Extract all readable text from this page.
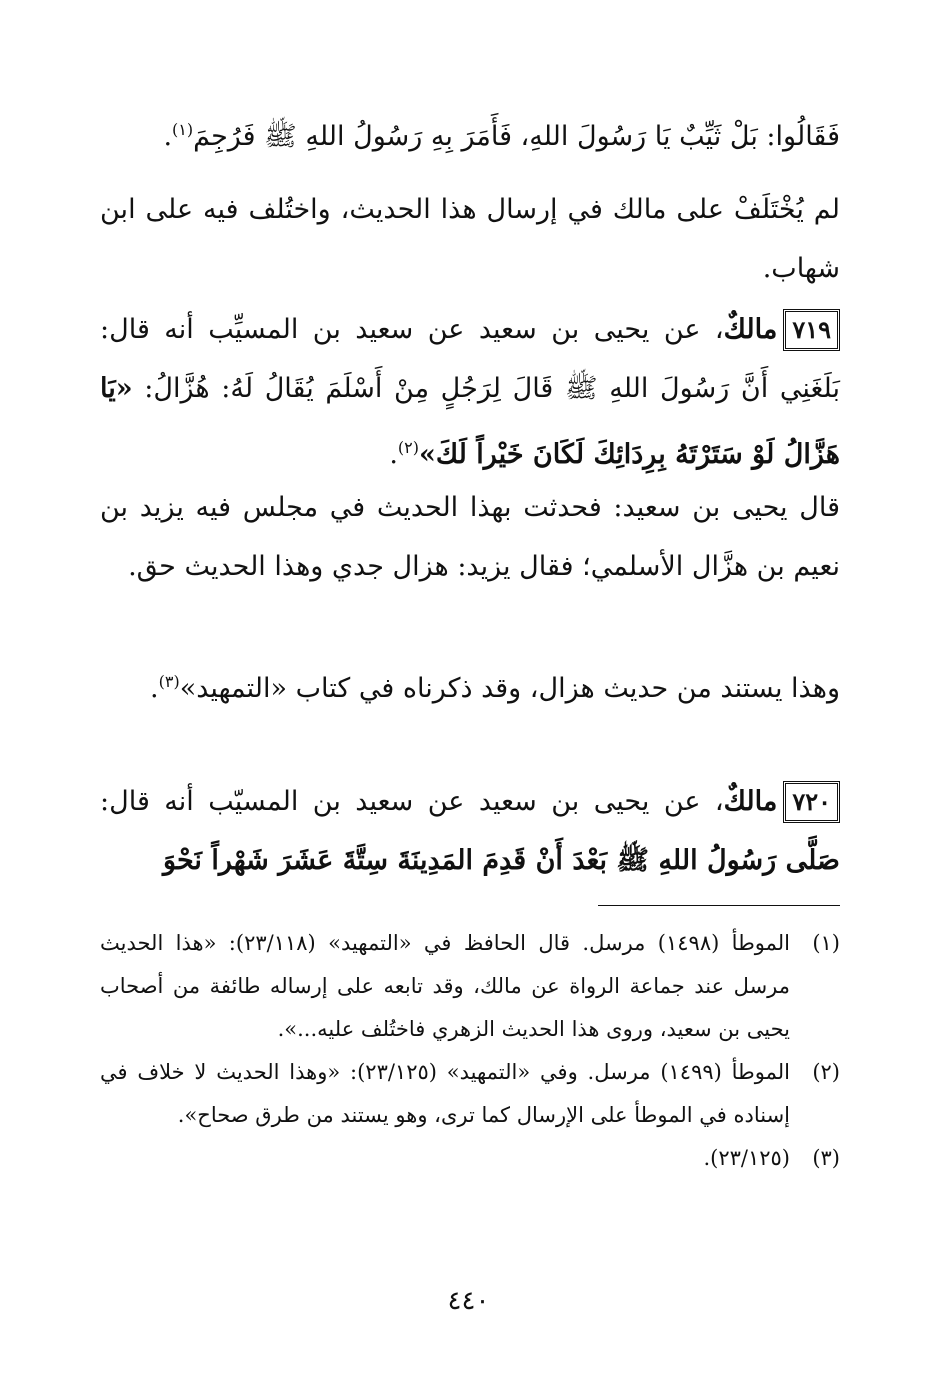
فَقَالُوا: بَلْ ثَيِّبٌ يَا رَسُولَ اللهِ، فَأَمَرَ بِهِ رَسُولُ اللهِ ﷺ فَرُجِمَ$^{(١)}$.
لم يُخْتَلَفْ على مالك في إرسال هذا الحديث، واختُلف فيه على ابن شهاب.
٧١٩مالكٌ، عن يحيى بن سعيد عن سعيد بن المسيِّب أنه قال: بَلَغَنِي أَنَّ رَسُولَ اللهِ ﷺ قَالَ لِرَجُلٍ مِنْ أَسْلَمَ يُقَالُ لَهُ: هُزَّالُ: «يَا هَزَّالُ لَوْ سَتَرْتَهُ بِرِدَائِكَ لَكَانَ خَيْراً لَكَ»$^{(٢)}$.
قال يحيى بن سعيد: فحدثت بهذا الحديث في مجلس فيه يزيد بن نعيم بن هزَّال الأسلمي؛ فقال يزيد: هزال جدي وهذا الحديث حق.
وهذا يستند من حديث هزال، وقد ذكرناه في كتاب «التمهيد»$^{(٣)}$.
٧٢٠مالكٌ، عن يحيى بن سعيد عن سعيد بن المسيّب أنه قال: صَلَّى رَسُولُ اللهِ ﷺ بَعْدَ أَنْ قَدِمَ المَدِينَةَ سِتَّةَ عَشَرَ شَهْراً نَحْوَ
(١)
الموطأ (١٤٩٨) مرسل. قال الحافظ في «التمهيد» (٢٣/١١٨): «هذا الحديث مرسل عند جماعة الرواة عن مالك، وقد تابعه على إرساله طائفة من أصحاب يحيى بن سعيد، وروى هذا الحديث الزهري فاختُلف عليه...».
(٢)
الموطأ (١٤٩٩) مرسل. وفي «التمهيد» (٢٣/١٢٥): «وهذا الحديث لا خلاف في إسناده في الموطأ على الإرسال كما ترى، وهو يستند من طرق صحاح».
(٣)
(٢٣/١٢٥).
٤٤٠
